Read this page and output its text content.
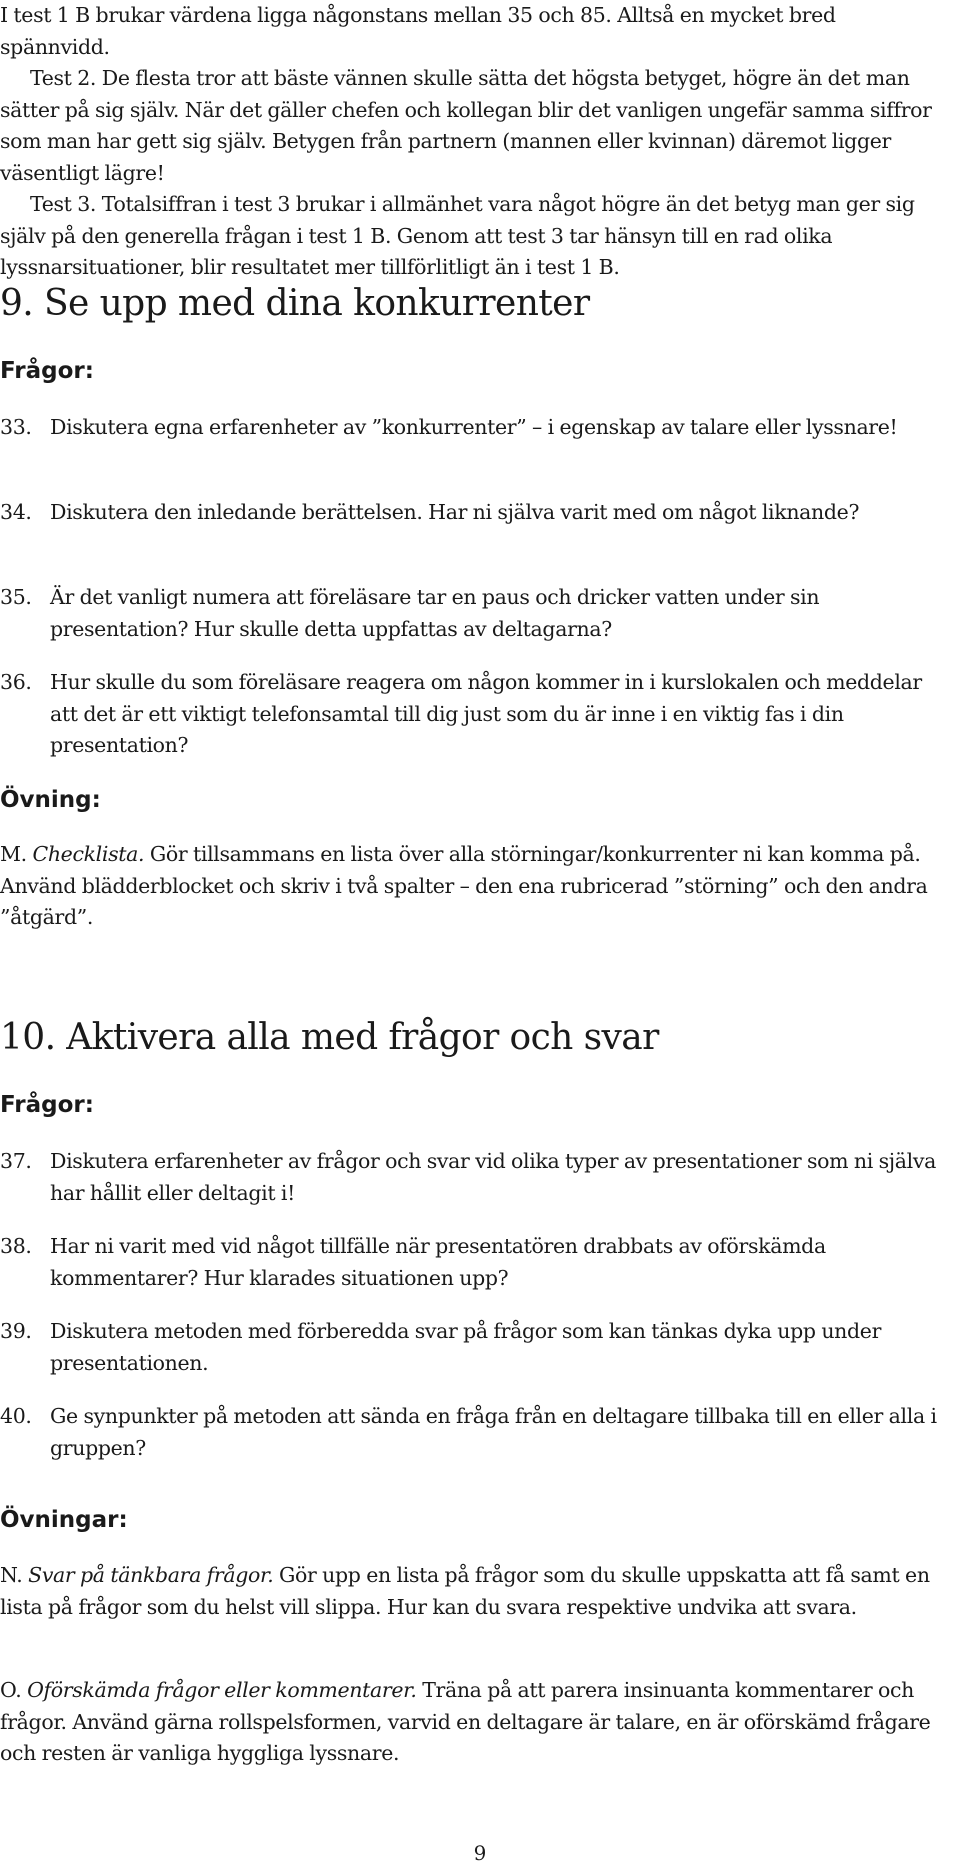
I test 1 B brukar värdena ligga någonstans mellan 35 och 85. Alltså en mycket bred spännvidd.

Test 2. De flesta tror att bäste vännen skulle sätta det högsta betyget, högre än det man sätter på sig själv. När det gäller chefen och kollegan blir det vanligen ungefär samma siffror som man har gett sig själv. Betygen från partnern (mannen eller kvinnan) däremot ligger väsentligt lägre!

Test 3. Totalsiffran i test 3 brukar i allmänhet vara något högre än det betyg man ger sig själv på den generella frågan i test 1 B. Genom att test 3 tar hänsyn till en rad olika lyssnarsituationer, blir resultatet mer tillförlitligt än i test 1 B.

9. Se upp med dina konkurrenter
Frågor:
33. Diskutera egna erfarenheter av ”konkurrenter” – i egenskap av talare eller lyssnare!
34. Diskutera den inledande berättelsen. Har ni själva varit med om något liknande?
35. Är det vanligt numera att föreläsare tar en paus och dricker vatten under sin presentation? Hur skulle detta uppfattas av deltagarna?
36. Hur skulle du som föreläsare reagera om någon kommer in i kurslokalen och meddelar att det är ett viktigt telefonsamtal till dig just som du är inne i en viktig fas i din presentation?
Övning:
M. Checklista. Gör tillsammans en lista över alla störningar/konkurrenter ni kan komma på. Använd blädderblocket och skriv i två spalter – den ena rubricerad ”störning” och den andra ”åtgärd”.
10. Aktivera alla med frågor och svar
Frågor:
37. Diskutera erfarenheter av frågor och svar vid olika typer av presentationer som ni själva har hållit eller deltagit i!
38. Har ni varit med vid något tillfälle när presentatören drabbats av oförskämda kommentarer? Hur klarades situationen upp?
39. Diskutera metoden med förberedda svar på frågor som kan tänkas dyka upp under presentationen.
40. Ge synpunkter på metoden att sända en fråga från en deltagare tillbaka till en eller alla i gruppen?
Övningar:
N. Svar på tänkbara frågor. Gör upp en lista på frågor som du skulle uppskatta att få samt en lista på frågor som du helst vill slippa. Hur kan du svara respektive undvika att svara.
O. Oförskämda frågor eller kommentarer. Träna på att parera insinuanta kommentarer och frågor. Använd gärna rollspelsformen, varvid en deltagare är talare, en är oförskämd frågare och resten är vanliga hyggliga lyssnare.
9
